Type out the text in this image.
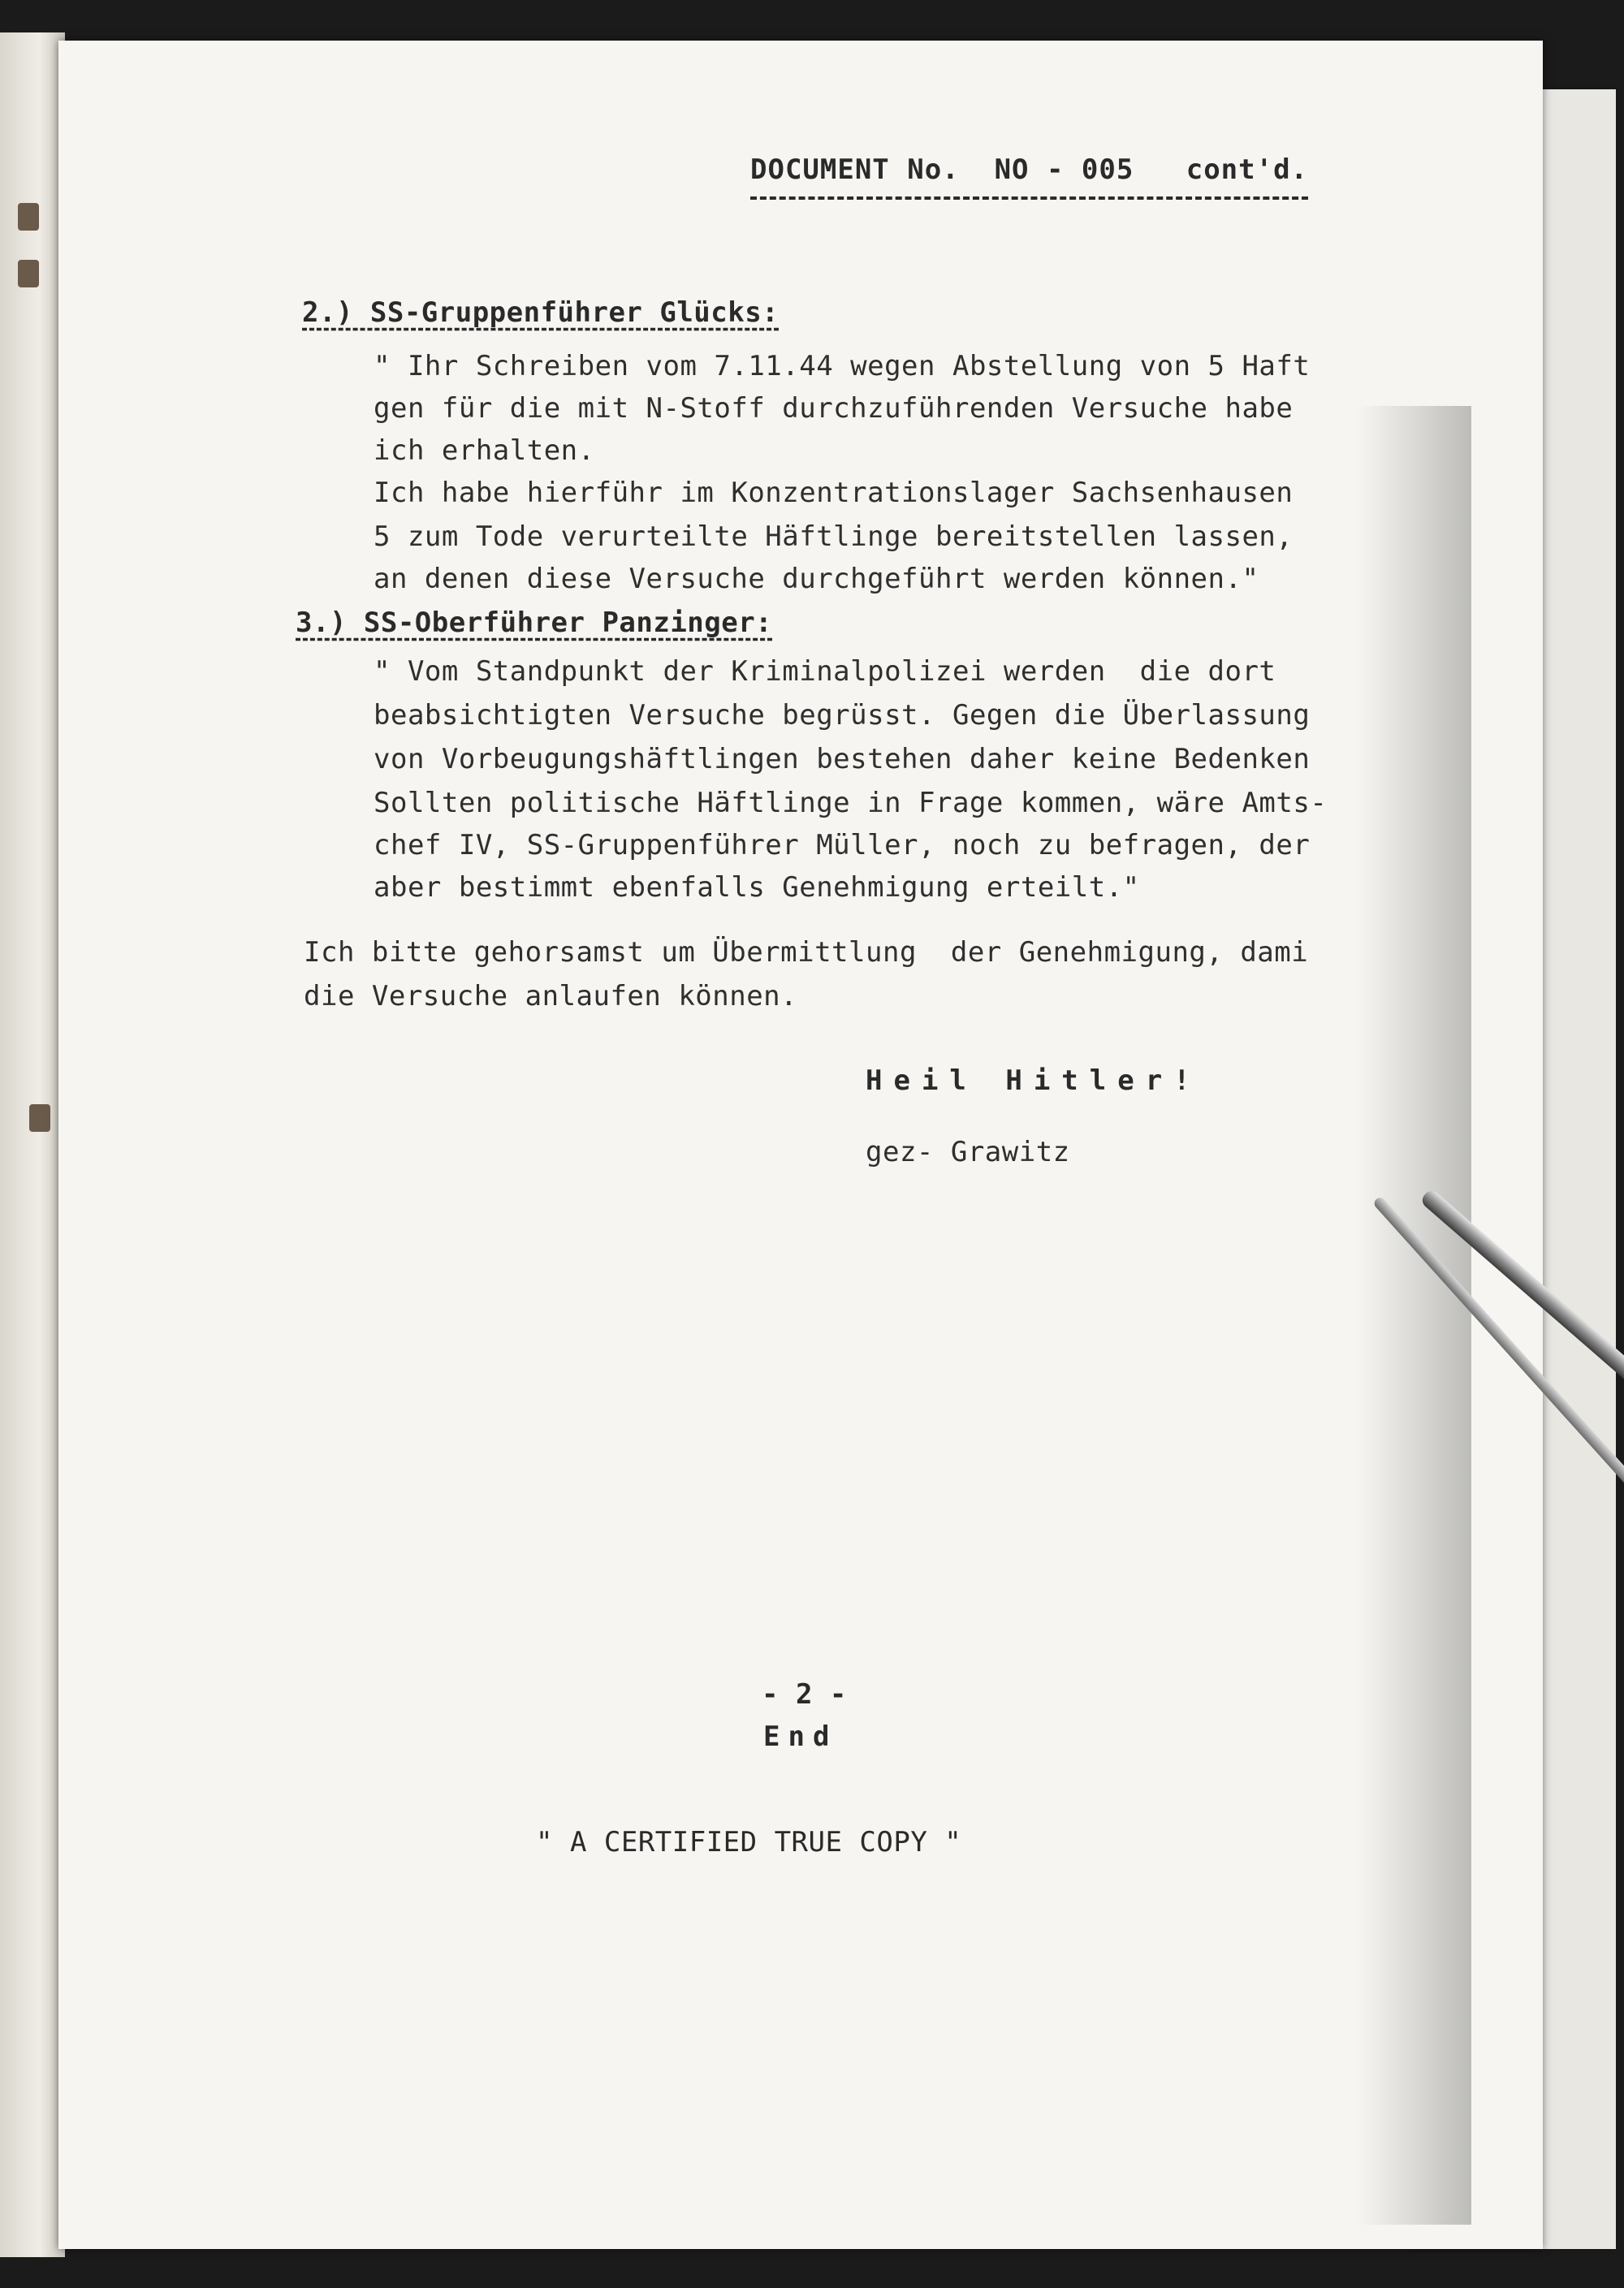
DOCUMENT No.  NO - 005   cont'd.
2.) SS-Gruppenführer Glücks:
" Ihr Schreiben vom 7.11.44 wegen Abstellung von 5 Haft
gen für die mit N-Stoff durchzuführenden Versuche habe
ich erhalten.
Ich habe hierführ im Konzentrationslager Sachsenhausen
5 zum Tode verurteilte Häftlinge bereitstellen lassen,
an denen diese Versuche durchgeführt werden können."
3.) SS-Oberführer Panzinger:
" Vom Standpunkt der Kriminalpolizei werden  die dort
beabsichtigten Versuche begrüsst. Gegen die Überlassung
von Vorbeugungshäftlingen bestehen daher keine Bedenken
Sollten politische Häftlinge in Frage kommen, wäre Amts-
chef IV, SS-Gruppenführer Müller, noch zu befragen, der
aber bestimmt ebenfalls Genehmigung erteilt."
Ich bitte gehorsamst um Übermittlung  der Genehmigung, dami
die Versuche anlaufen können.
Heil Hitler!
gez- Grawitz
- 2 -
End
" A CERTIFIED TRUE COPY "
